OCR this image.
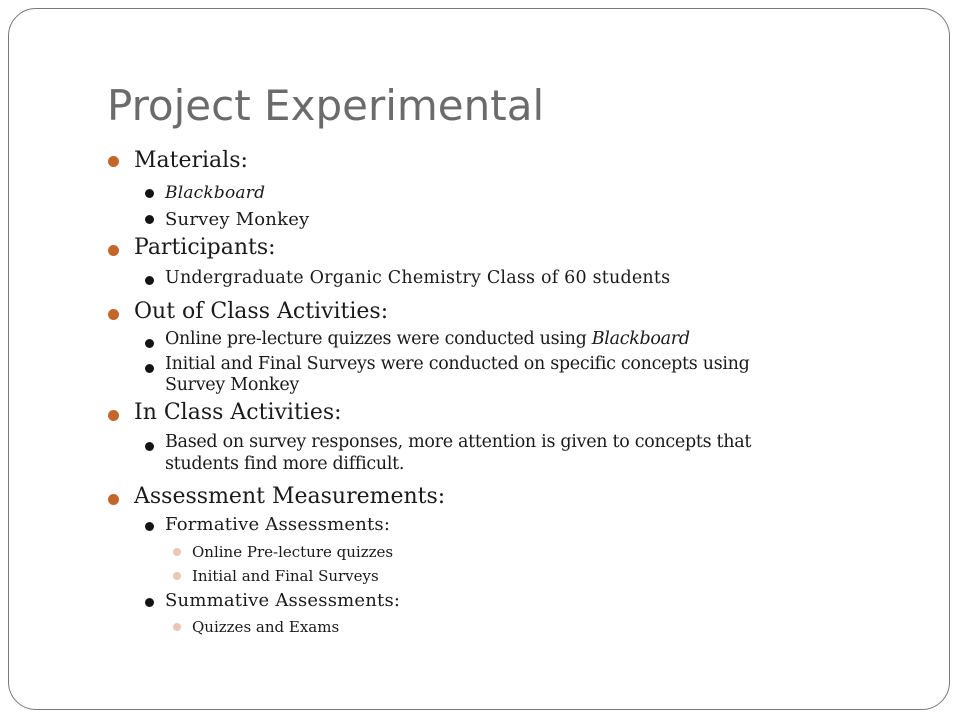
Project Experimental
Materials:
Blackboard
Survey Monkey
Participants:
Undergraduate Organic Chemistry Class of 60 students
Out of Class Activities:
Online pre-lecture quizzes were conducted using Blackboard
Initial and Final Surveys were conducted on specific concepts using
Survey Monkey
In Class Activities:
Based on survey responses, more attention is given to concepts that
students find more difficult.
Assessment Measurements:
Formative Assessments:
Online Pre-lecture quizzes
Initial and Final Surveys
Summative Assessments:
Quizzes and Exams
